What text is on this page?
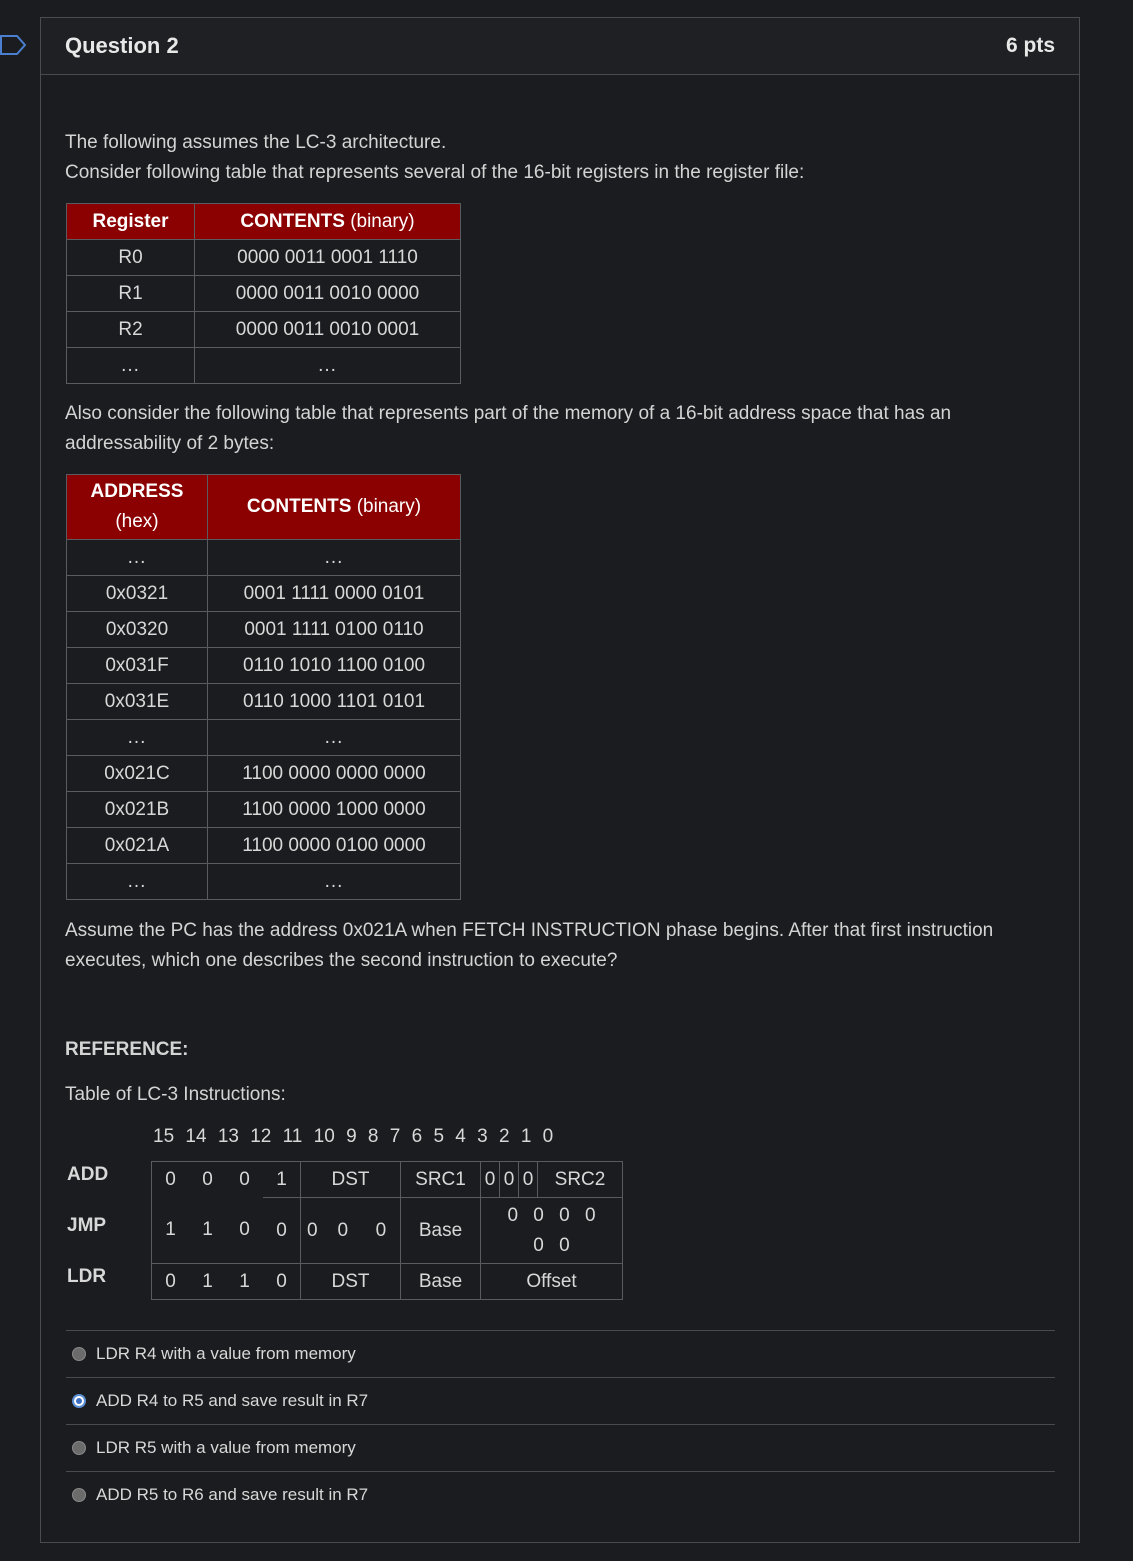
Question 2	6 pts

The following assumes the LC-3 architecture.

Consider following table that represents several of the 16-bit registers in the register file:

Register	CONTENTS (binary)
R0	0000 0011 0001 1110
R1	0000 0011 0010 0000
R2	0000 0011 0010 0001
...	...

Also consider the following table that represents part of the memory of a 16-bit address space that has an addressability of 2 bytes:

ADDRESS
(hex)	CONTENTS (binary)
...	...
0x0321	0001 1111 0000 0101
0x0320	0001 1111 0100 0110
0x031F	0110 1010 1100 0100
0x031E	0110 1000 1101 0101
...	...
0x021C	1100 0000 0000 0000
0x021B	1100 0000 1000 0000
0x021A	1100 0000 0100 0000
...	...

Assume the PC has the address 0x021A when FETCH INSTRUCTION phase begins. After that first instruction executes, which one describes the second instruction to execute?

REFERENCE:

Table of LC-3 Instructions:

15 14 13 12 11 10 9 8 7 6 5 4 3 2 1 0
ADD
JMP
LDR
0	0	0	1	DST			SRC1	0	0	0	SRC2
1	1	0	0	0	0	0	Base	0 0 0 0
0 0			
0	1	1	0	DST			Base	Offset			
LDR R4 with a value from memory
ADD R4 to R5 and save result in R7
LDR R5 with a value from memory
ADD R5 to R6 and save result in R7
